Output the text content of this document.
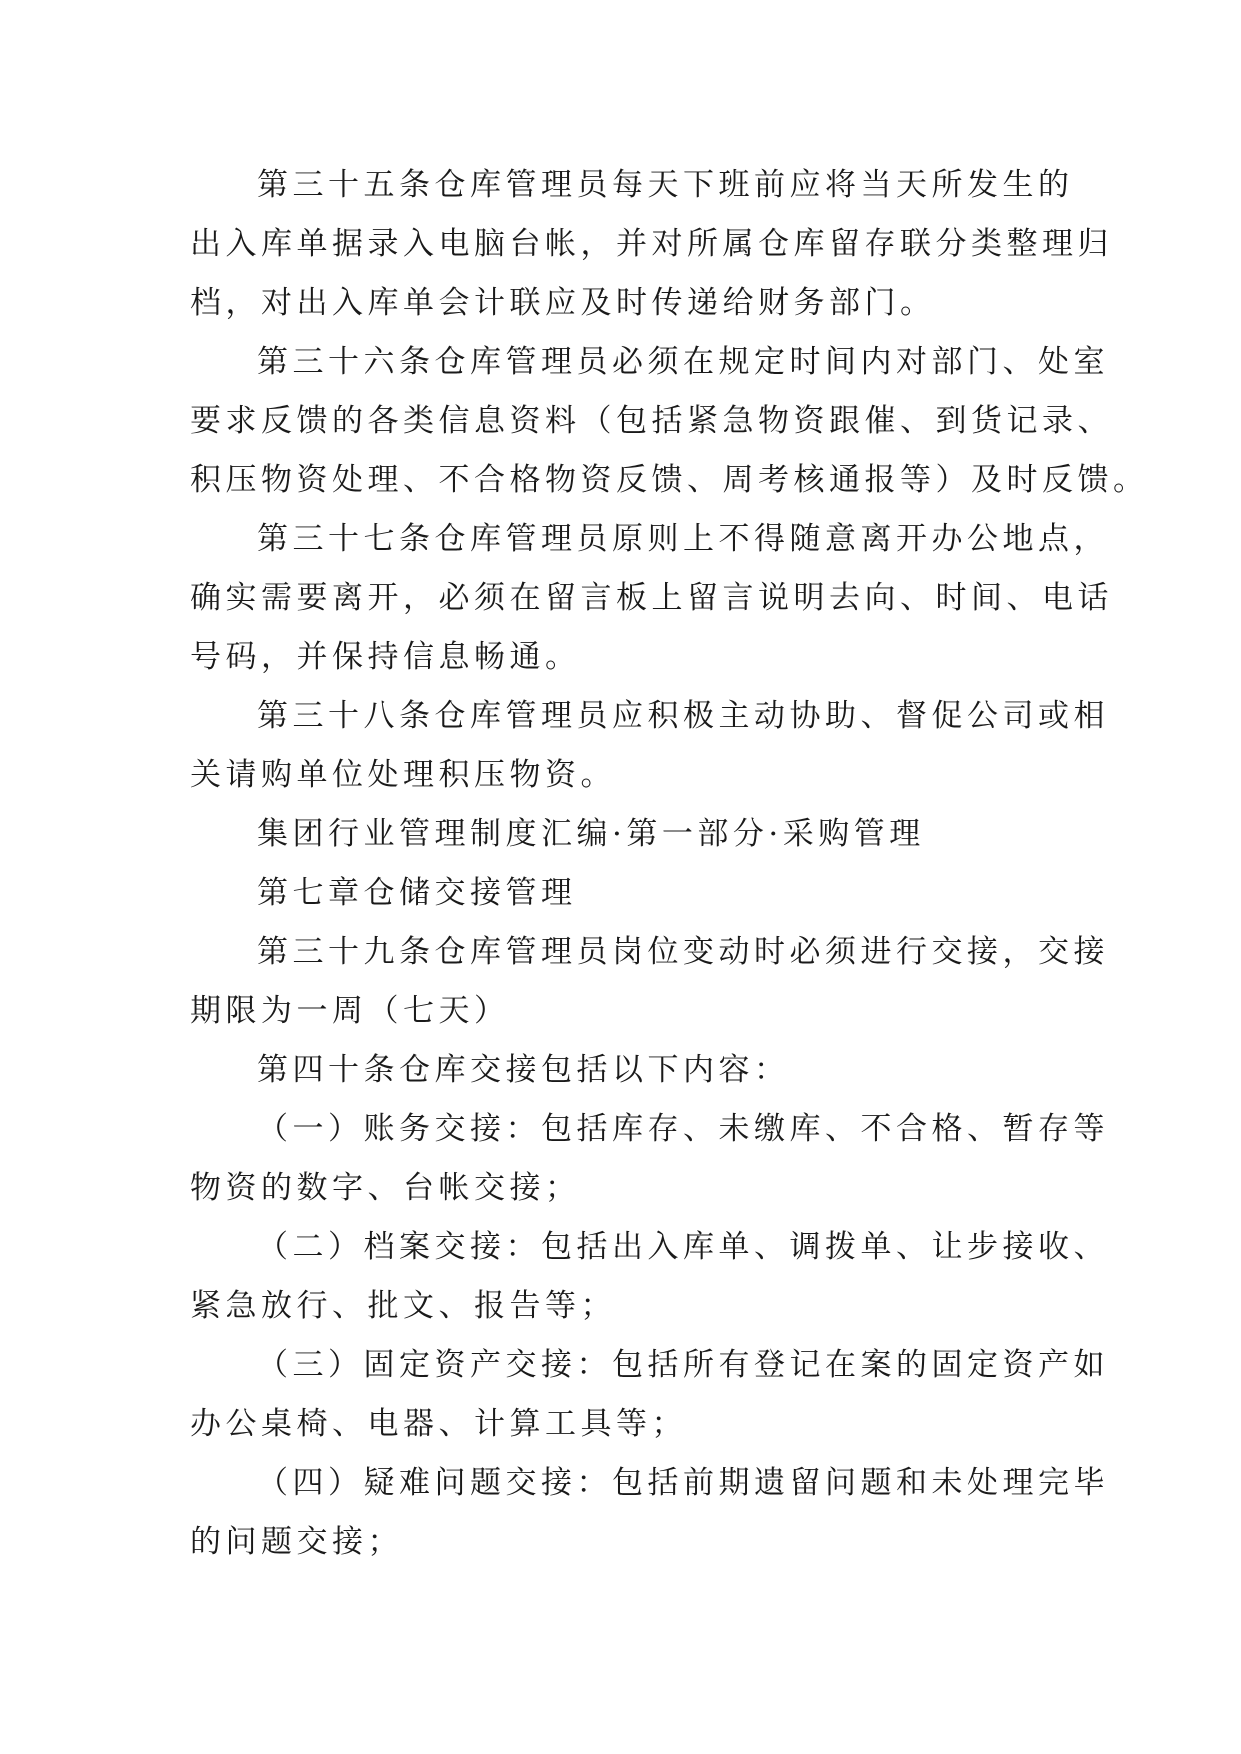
第三十五条仓库管理员每天下班前应将当天所发生的
出入库单据录入电脑台帐，并对所属仓库留存联分类整理归
档，对出入库单会计联应及时传递给财务部门。
第三十六条仓库管理员必须在规定时间内对部门、处室
要求反馈的各类信息资料（包括紧急物资跟催、到货记录、
积压物资处理、不合格物资反馈、周考核通报等）及时反馈。
第三十七条仓库管理员原则上不得随意离开办公地点，
确实需要离开，必须在留言板上留言说明去向、时间、电话
号码，并保持信息畅通。
第三十八条仓库管理员应积极主动协助、督促公司或相
关请购单位处理积压物资。
集团行业管理制度汇编·第一部分·采购管理
第七章仓储交接管理
第三十九条仓库管理员岗位变动时必须进行交接，交接
期限为一周（七天）
第四十条仓库交接包括以下内容：
（一）账务交接：包括库存、未缴库、不合格、暂存等
物资的数字、台帐交接；
（二）档案交接：包括出入库单、调拨单、让步接收、
紧急放行、批文、报告等；
（三）固定资产交接：包括所有登记在案的固定资产如
办公桌椅、电器、计算工具等；
（四）疑难问题交接：包括前期遗留问题和未处理完毕
的问题交接；
